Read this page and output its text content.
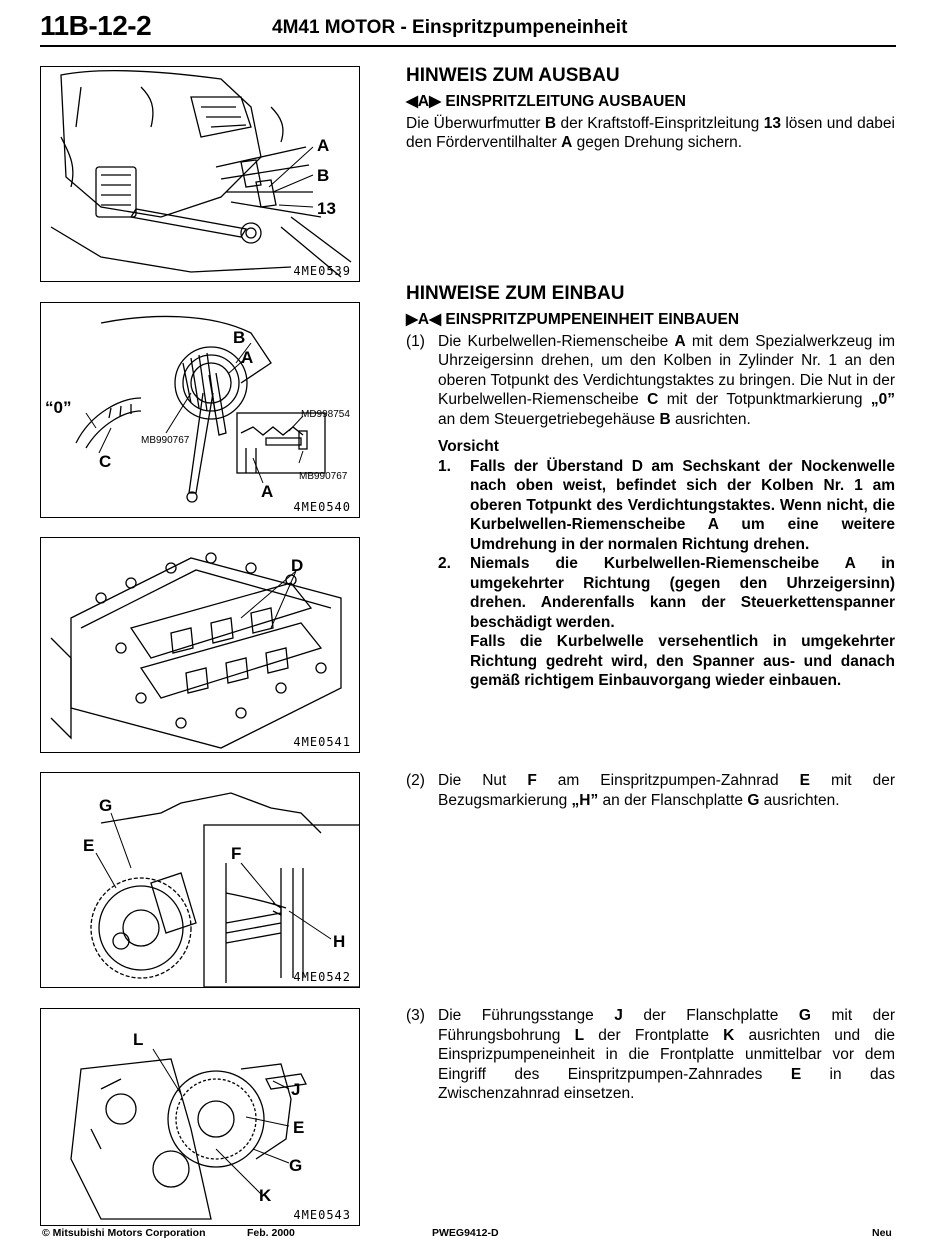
11B-12-2	4M41 MOTOR - Einspritzpumpeneinheit
A
B
13
4ME0539
B
A
“0”
C
A
MD998754
MB990767
MB990767
4ME0540
D
4ME0541
G
E	F
H
4ME0542
L
J
E
G
K
4ME0543
HINWEIS ZUM AUSBAU
◀A▶ EINSPRITZLEITUNG AUSBAUEN
Die Überwurfmutter B der Kraftstoff-Einspritzleitung 13 lösen und dabei den Förderventilhalter A gegen Drehung sichern.
HINWEISE ZUM EINBAU
▶A◀ EINSPRITZPUMPENEINHEIT EINBAUEN
(1) Die Kurbelwellen-Riemenscheibe A mit dem Spezialwerkzeug im Uhrzeigersinn drehen, um den Kolben in Zylinder Nr. 1 an den oberen Totpunkt des Verdichtungstaktes zu bringen. Die Nut in der Kurbelwellen-Riemenscheibe C mit der Totpunktmarkierung „0” an dem Steuergetriebegehäuse B ausrichten.
Vorsicht
1.	Falls der Überstand D am Sechskant der Nockenwelle nach oben weist, befindet sich der Kolben Nr. 1 am oberen Totpunkt des Verdichtungstaktes. Wenn nicht, die Kurbelwellen-Riemenscheibe A um eine weitere Umdrehung in der normalen Richtung drehen.
2.	Niemals die Kurbelwellen-Riemenscheibe A in umgekehrter Richtung (gegen den Uhrzeigersinn) drehen. Anderenfalls kann der Steuerkettenspanner beschädigt werden.
Falls die Kurbelwelle versehentlich in umgekehrter Richtung gedreht wird, den Spanner aus- und danach gemäß richtigem Einbauvorgang wieder einbauen.
(2) Die Nut F am Einspritzpumpen-Zahnrad E mit der Bezugsmarkierung „H” an der Flanschplatte G ausrichten.
(3) Die Führungsstange J der Flanschplatte G mit der Führungsbohrung L der Frontplatte K ausrichten und die Einsprizpumpeneinheit in die Frontplatte unmittelbar vor dem Eingriff des Einspritzpumpen-Zahnrades E in das Zwischenzahnrad einsetzen.
© Mitsubishi Motors Corporation	Feb. 2000	PWEG9412-D	Neu
